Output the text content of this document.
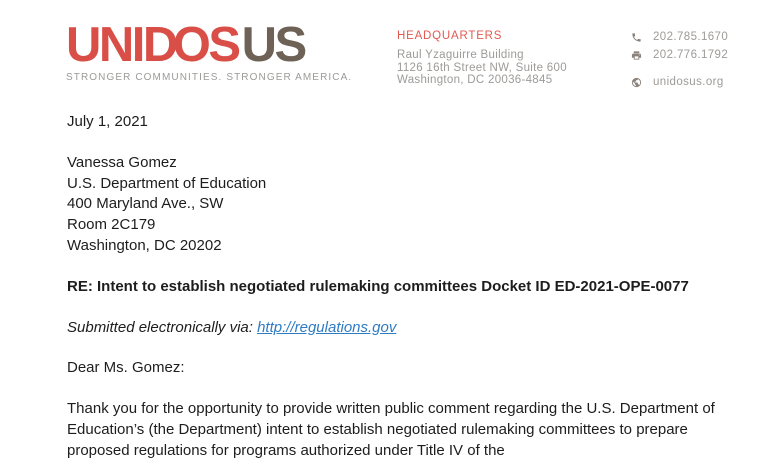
UNIDOSUS
STRONGER COMMUNITIES. STRONGER AMERICA.
HEADQUARTERS
Raul Yzaguirre Building
1126 16th Street NW, Suite 600
Washington, DC 20036-4845
202.785.1670
202.776.1792
unidosus.org

July 1, 2021

Vanessa Gomez
U.S. Department of Education
400 Maryland Ave., SW
Room 2C179
Washington, DC 20202

RE: Intent to establish negotiated rulemaking committees Docket ID ED-2021-OPE-0077

Submitted electronically via: http://regulations.gov

Dear Ms. Gomez:

Thank you for the opportunity to provide written public comment regarding the U.S. Department of Education’s (the Department) intent to establish negotiated rulemaking committees to prepare proposed regulations for programs authorized under Title IV of the
